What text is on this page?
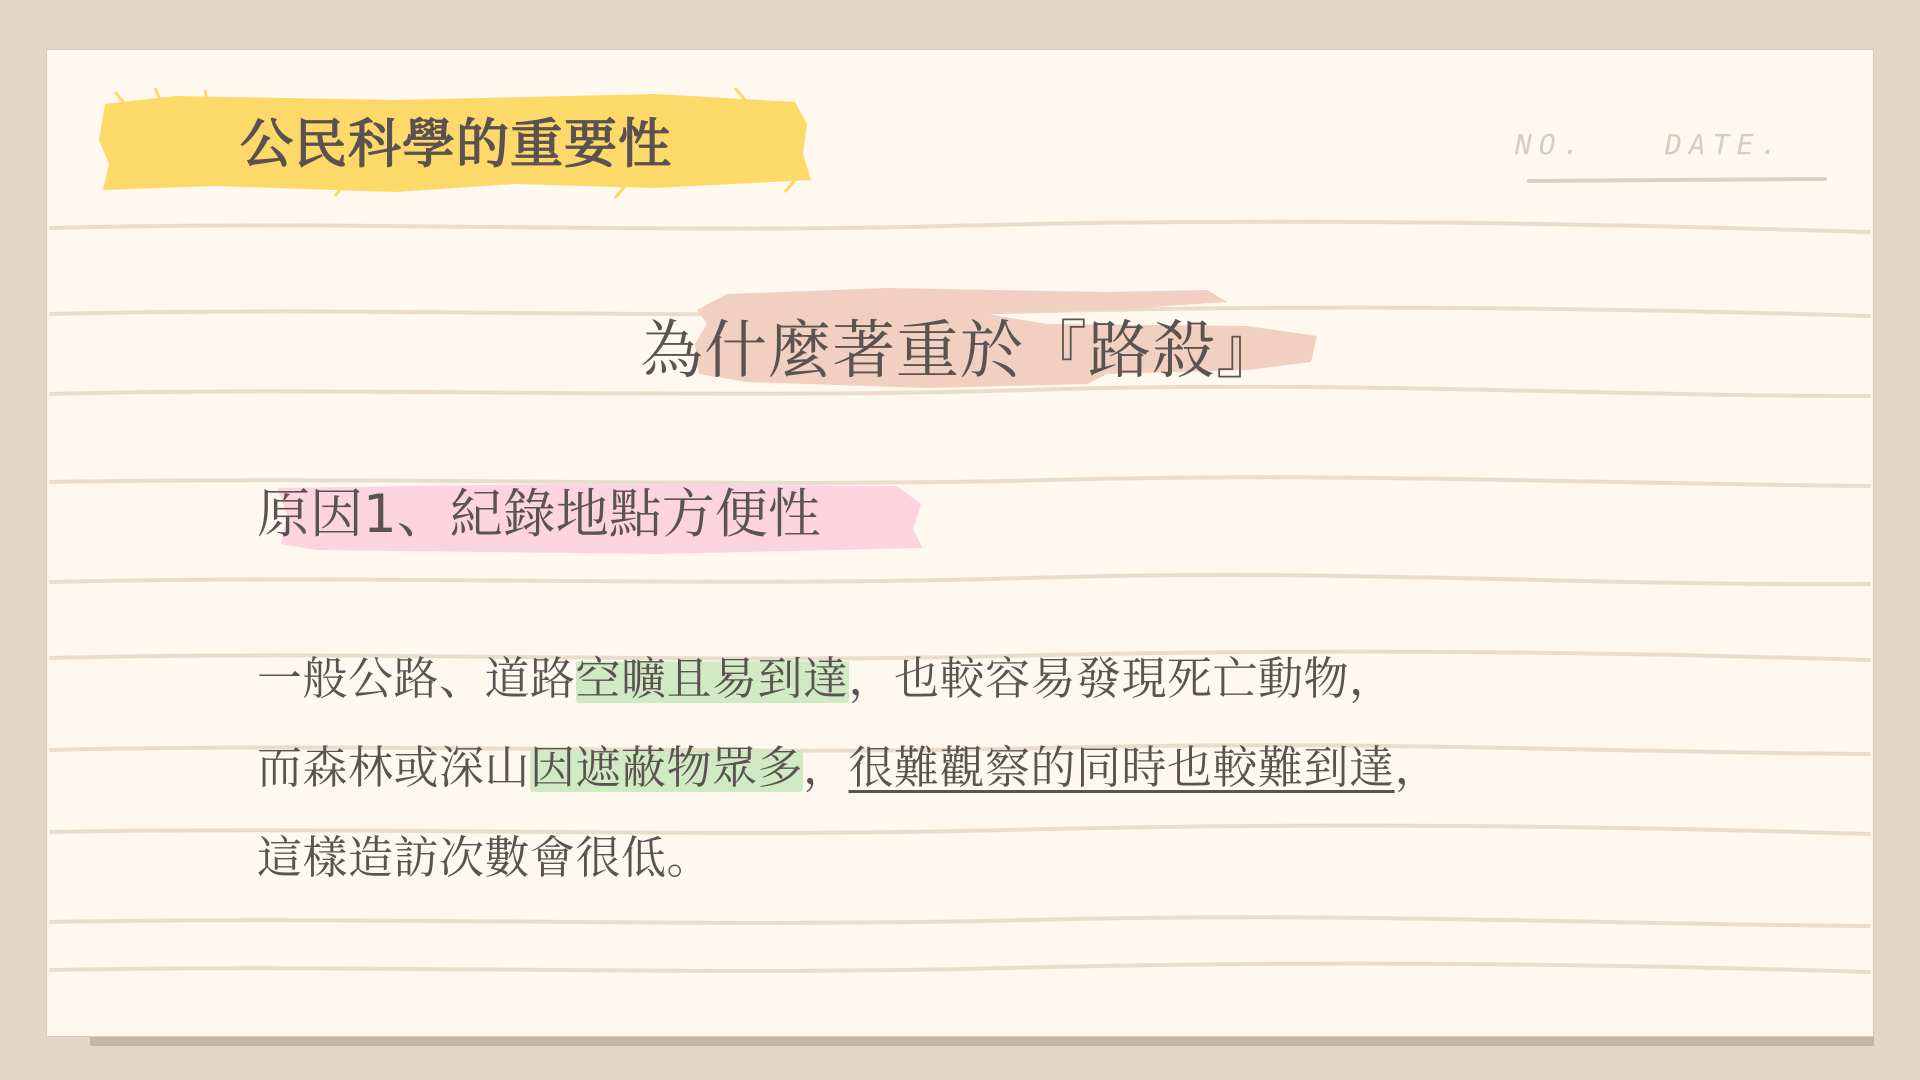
公民科學的重要性	NO.	DATE.
為什麼著重於『路殺』
原因1、紀錄地點方便性

一般公路、道路空曠且易到達，也較容易發現死亡動物，

而森林或深山因遮蔽物眾多，很難觀察的同時也較難到達，

這樣造訪次數會很低。
